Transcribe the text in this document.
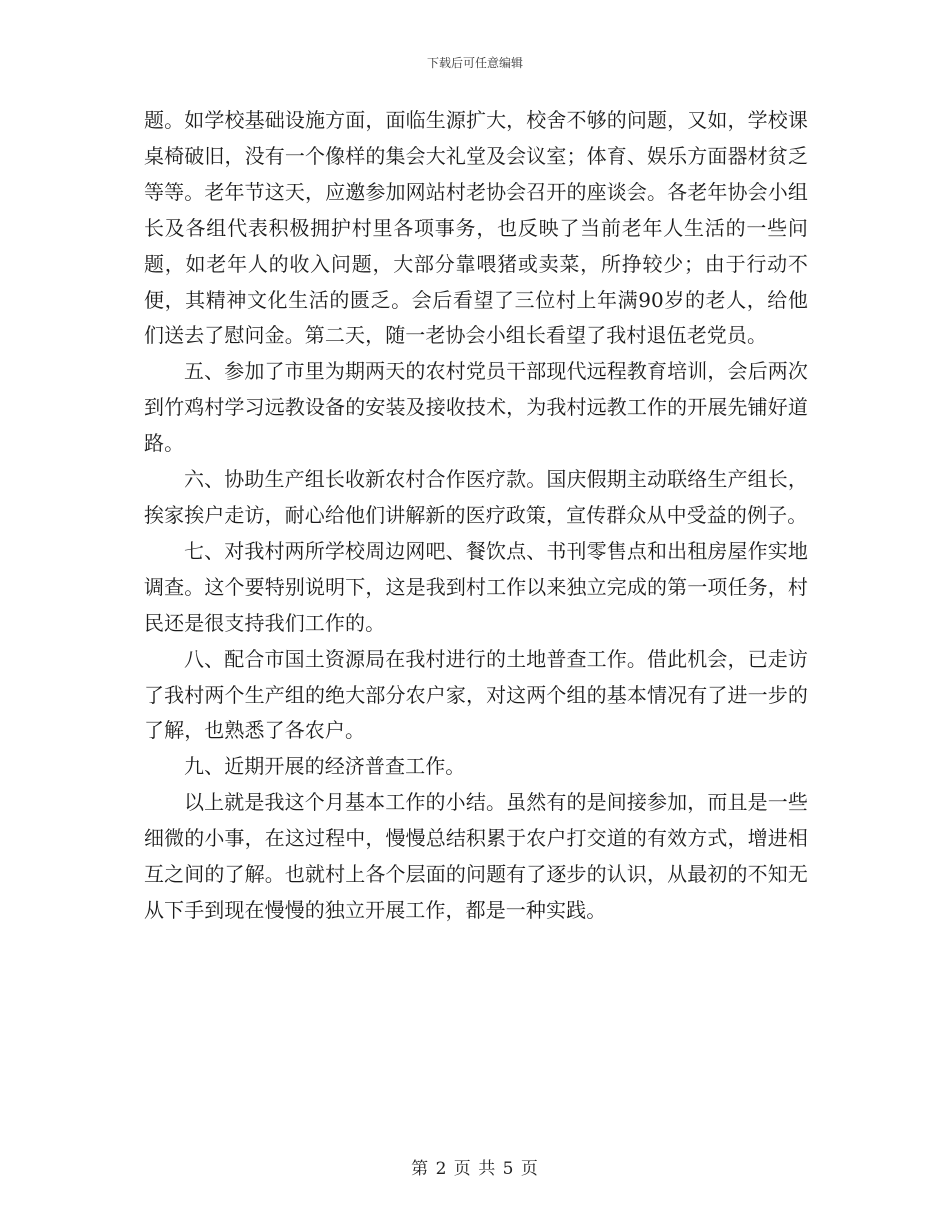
下载后可任意编辑

题。如学校基础设施方面，面临生源扩大，校舍不够的问题，又如，学校课桌椅破旧，没有一个像样的集会大礼堂及会议室；体育、娱乐方面器材贫乏等等。老年节这天，应邀参加网站村老协会召开的座谈会。各老年协会小组长及各组代表积极拥护村里各项事务，也反映了当前老年人生活的一些问题，如老年人的收入问题，大部分靠喂猪或卖菜，所挣较少；由于行动不便，其精神文化生活的匮乏。会后看望了三位村上年满90岁的老人，给他们送去了慰问金。第二天，随一老协会小组长看望了我村退伍老党员。

五、参加了市里为期两天的农村党员干部现代远程教育培训，会后两次到竹鸡村学习远教设备的安装及接收技术，为我村远教工作的开展先铺好道路。

六、协助生产组长收新农村合作医疗款。国庆假期主动联络生产组长，挨家挨户走访，耐心给他们讲解新的医疗政策，宣传群众从中受益的例子。

七、对我村两所学校周边网吧、餐饮点、书刊零售点和出租房屋作实地调查。这个要特别说明下，这是我到村工作以来独立完成的第一项任务，村民还是很支持我们工作的。

八、配合市国土资源局在我村进行的土地普查工作。借此机会，已走访了我村两个生产组的绝大部分农户家，对这两个组的基本情况有了进一步的了解，也熟悉了各农户。

九、近期开展的经济普查工作。

以上就是我这个月基本工作的小结。虽然有的是间接参加，而且是一些细微的小事，在这过程中，慢慢总结积累于农户打交道的有效方式，增进相互之间的了解。也就村上各个层面的问题有了逐步的认识，从最初的不知无从下手到现在慢慢的独立开展工作，都是一种实践。

第 2 页 共 5 页
